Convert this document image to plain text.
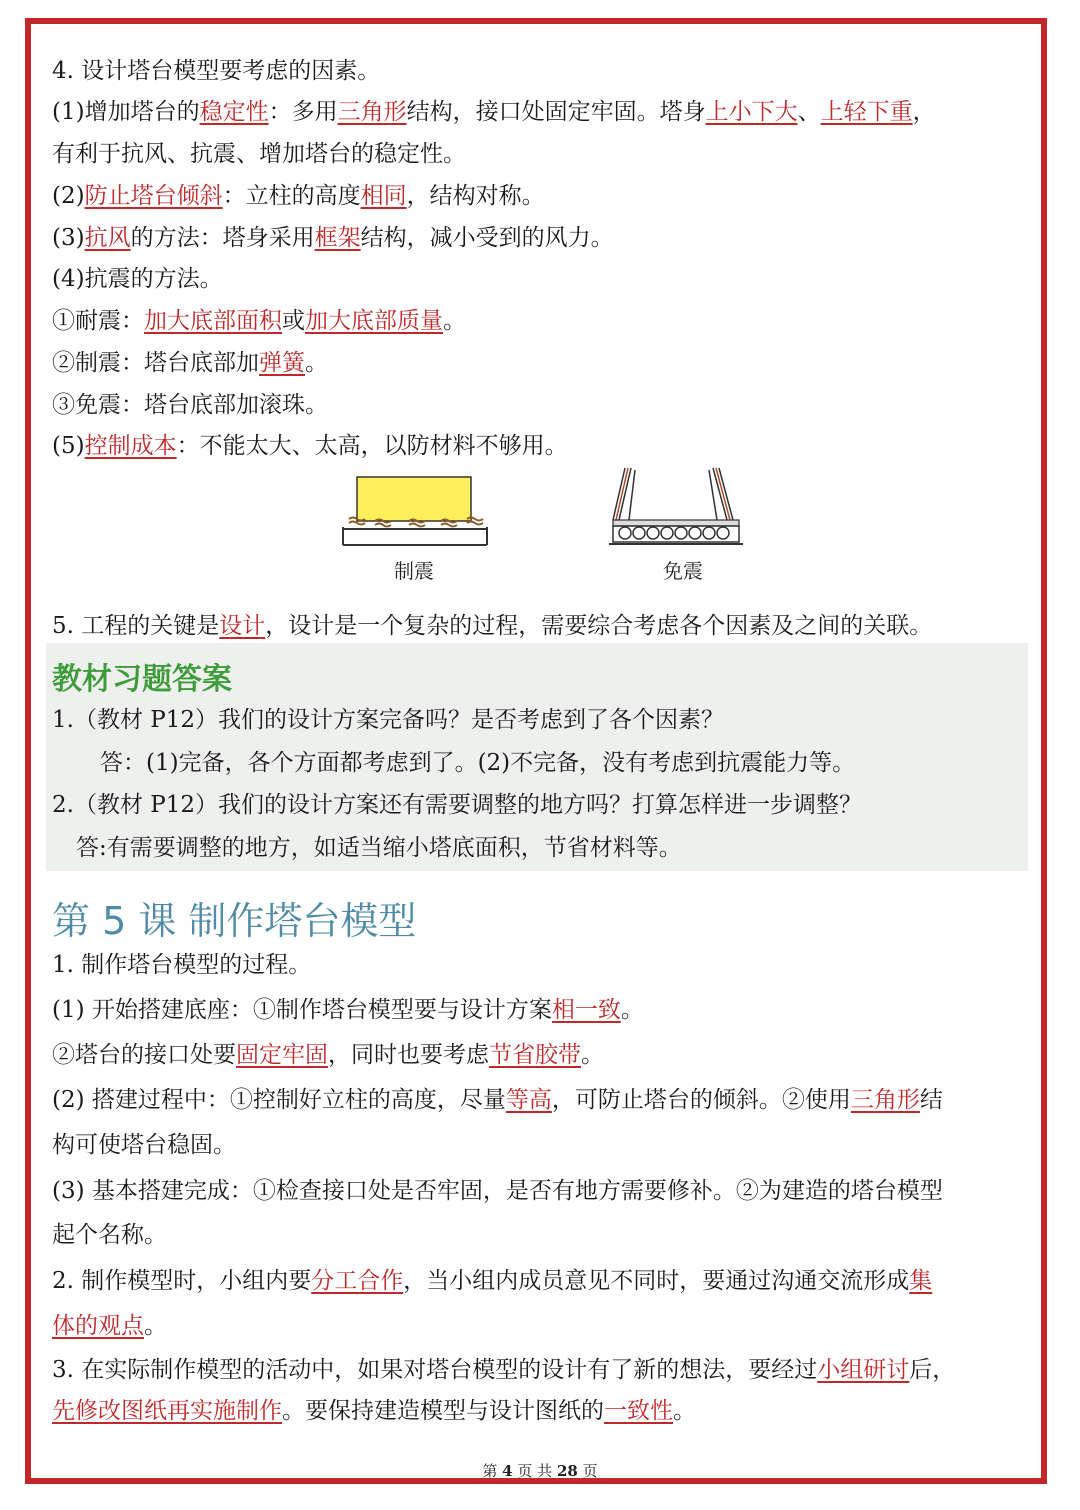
4. 设计塔台模型要考虑的因素。
(1)增加塔台的稳定性：多用三角形结构，接口处固定牢固。塔身上小下大、上轻下重，
有利于抗风、抗震、增加塔台的稳定性。
(2)防止塔台倾斜：立柱的高度相同，结构对称。
(3)抗风的方法：塔身采用框架结构，减小受到的风力。
(4)抗震的方法。
①耐震：加大底部面积或加大底部质量。
②制震：塔台底部加弹簧。
③免震：塔台底部加滚珠。
(5)控制成本：不能太大、太高，以防材料不够用。
制震	免震
5. 工程的关键是设计，设计是一个复杂的过程，需要综合考虑各个因素及之间的关联。
教材习题答案
1.（教材 P12）我们的设计方案完备吗？是否考虑到了各个因素？
答：(1)完备，各个方面都考虑到了。(2)不完备，没有考虑到抗震能力等。
2.（教材 P12）我们的设计方案还有需要调整的地方吗？打算怎样进一步调整？
答:有需要调整的地方，如适当缩小塔底面积，节省材料等。
第 5 课 制作塔台模型
1. 制作塔台模型的过程。
(1) 开始搭建底座：①制作塔台模型要与设计方案相一致。
②塔台的接口处要固定牢固，同时也要考虑节省胶带。
(2) 搭建过程中：①控制好立柱的高度，尽量等高，可防止塔台的倾斜。②使用三角形结
构可使塔台稳固。
(3) 基本搭建完成：①检查接口处是否牢固，是否有地方需要修补。②为建造的塔台模型
起个名称。
2. 制作模型时，小组内要分工合作，当小组内成员意见不同时，要通过沟通交流形成集
体的观点。
3. 在实际制作模型的活动中，如果对塔台模型的设计有了新的想法，要经过小组研讨后，
先修改图纸再实施制作。要保持建造模型与设计图纸的一致性。
第 4 页 共 28 页
